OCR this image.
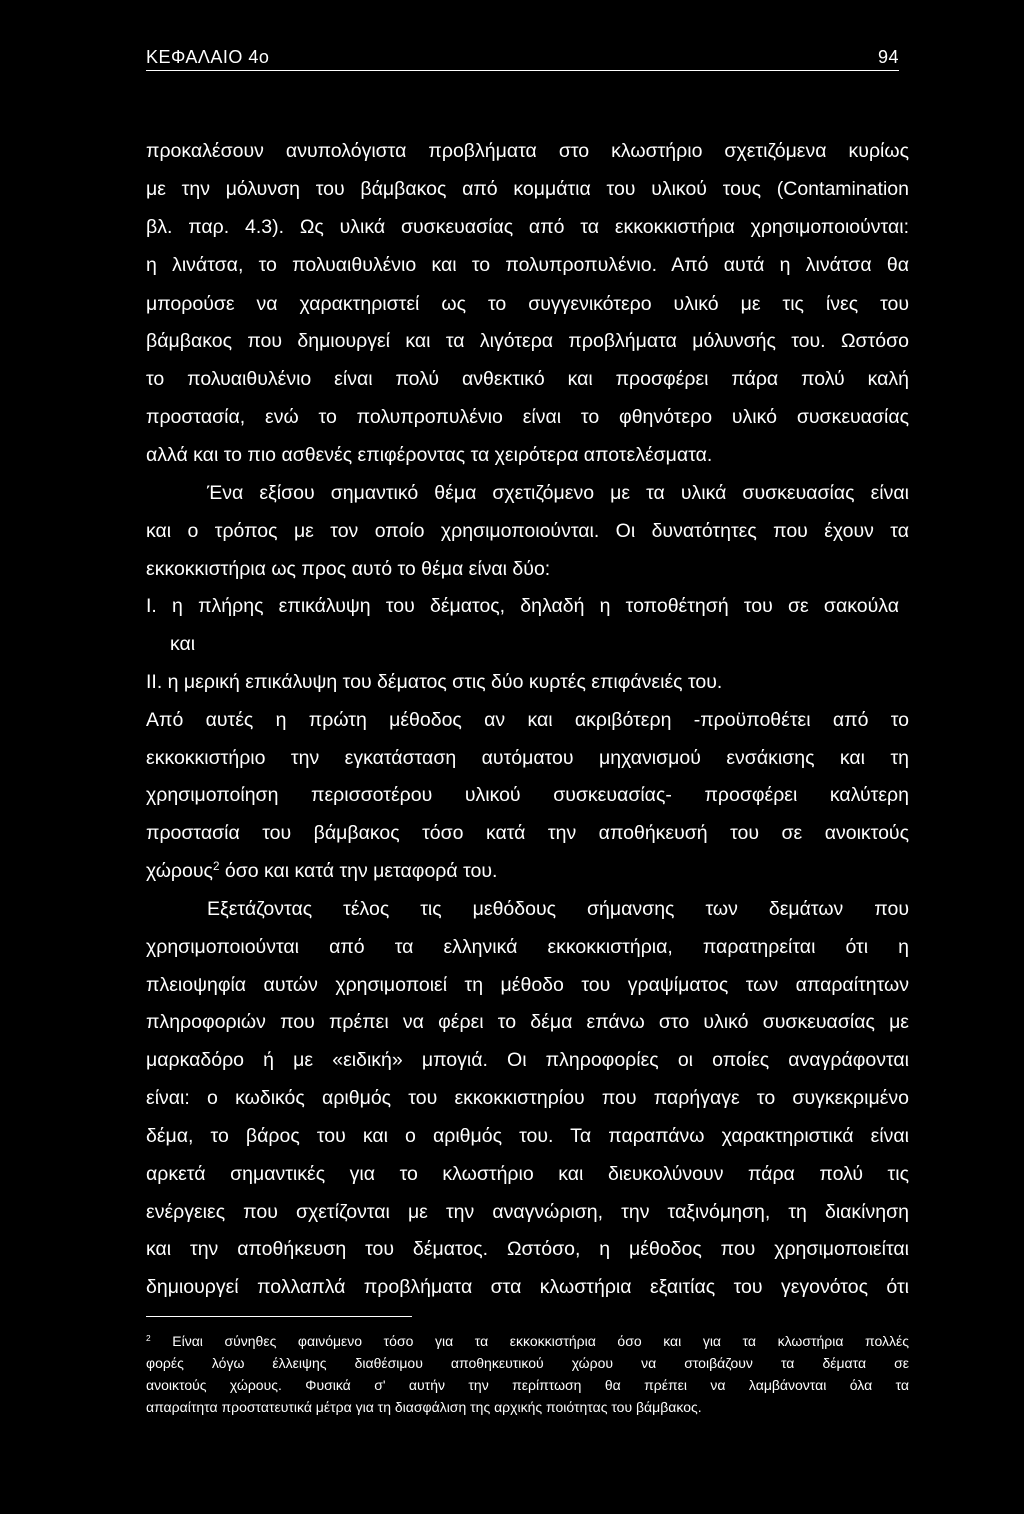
ΚΕΦΑΛΑΙΟ 4ο	94
προκαλέσουν ανυπολόγιστα προβλήματα στο κλωστήριο σχετιζόμενα κυρίως
με την μόλυνση του βάμβακος από κομμάτια του υλικού τους (Contamination
βλ. παρ. 4.3). Ως υλικά συσκευασίας από τα εκκοκκιστήρια χρησιμοποιούνται:
η λινάτσα, το πολυαιθυλένιο και το πολυπροπυλένιο. Από αυτά η λινάτσα θα
μπορούσε να χαρακτηριστεί ως το συγγενικότερο υλικό με τις ίνες του
βάμβακος που δημιουργεί και τα λιγότερα προβλήματα μόλυνσής του. Ωστόσο
το πολυαιθυλένιο είναι πολύ ανθεκτικό και προσφέρει πάρα πολύ καλή
προστασία, ενώ το πολυπροπυλένιο είναι το φθηνότερο υλικό συσκευασίας
αλλά και το πιο ασθενές επιφέροντας τα χειρότερα αποτελέσματα.
Ένα εξίσου σημαντικό θέμα σχετιζόμενο με τα υλικά συσκευασίας είναι
και ο τρόπος με τον οποίο χρησιμοποιούνται. Οι δυνατότητες που έχουν τα
εκκοκκιστήρια ως προς αυτό το θέμα είναι δύο:
I. η πλήρης επικάλυψη του δέματος, δηλαδή η τοποθέτησή του σε σακούλα
και
II. η μερική επικάλυψη του δέματος στις δύο κυρτές επιφάνειές του.
Από αυτές η πρώτη μέθοδος αν και ακριβότερη -προϋποθέτει από το
εκκοκκιστήριο την εγκατάσταση αυτόματου μηχανισμού ενσάκισης και τη
χρησιμοποίηση περισσοτέρου υλικού συσκευασίας- προσφέρει καλύτερη
προστασία του βάμβακος τόσο κατά την αποθήκευσή του σε ανοικτούς
χώρους$^2$ όσο και κατά την μεταφορά του.
Εξετάζοντας τέλος τις μεθόδους σήμανσης των δεμάτων που
χρησιμοποιούνται από τα ελληνικά εκκοκκιστήρια, παρατηρείται ότι η
πλειοψηφία αυτών χρησιμοποιεί τη μέθοδο του γραψίματος των απαραίτητων
πληροφοριών που πρέπει να φέρει το δέμα επάνω στο υλικό συσκευασίας με
μαρκαδόρο ή με «ειδική» μπογιά. Οι πληροφορίες οι οποίες αναγράφονται
είναι: ο κωδικός αριθμός του εκκοκκιστηρίου που παρήγαγε το συγκεκριμένο
δέμα, το βάρος του και ο αριθμός του. Τα παραπάνω χαρακτηριστικά είναι
αρκετά σημαντικές για το κλωστήριο και διευκολύνουν πάρα πολύ τις
ενέργειες που σχετίζονται με την αναγνώριση, την ταξινόμηση, τη διακίνηση
και την αποθήκευση του δέματος. Ωστόσο, η μέθοδος που χρησιμοποιείται
δημιουργεί πολλαπλά προβλήματα στα κλωστήρια εξαιτίας του γεγονότος ότι
$^2$ Είναι σύνηθες φαινόμενο τόσο για τα εκκοκκιστήρια όσο και για τα κλωστήρια πολλές
φορές λόγω έλλειψης διαθέσιμου αποθηκευτικού χώρου να στοιβάζουν τα δέματα σε
ανοικτούς χώρους. Φυσικά σ' αυτήν την περίπτωση θα πρέπει να λαμβάνονται όλα τα
απαραίτητα προστατευτικά μέτρα για τη διασφάλιση της αρχικής ποιότητας του βάμβακος.
